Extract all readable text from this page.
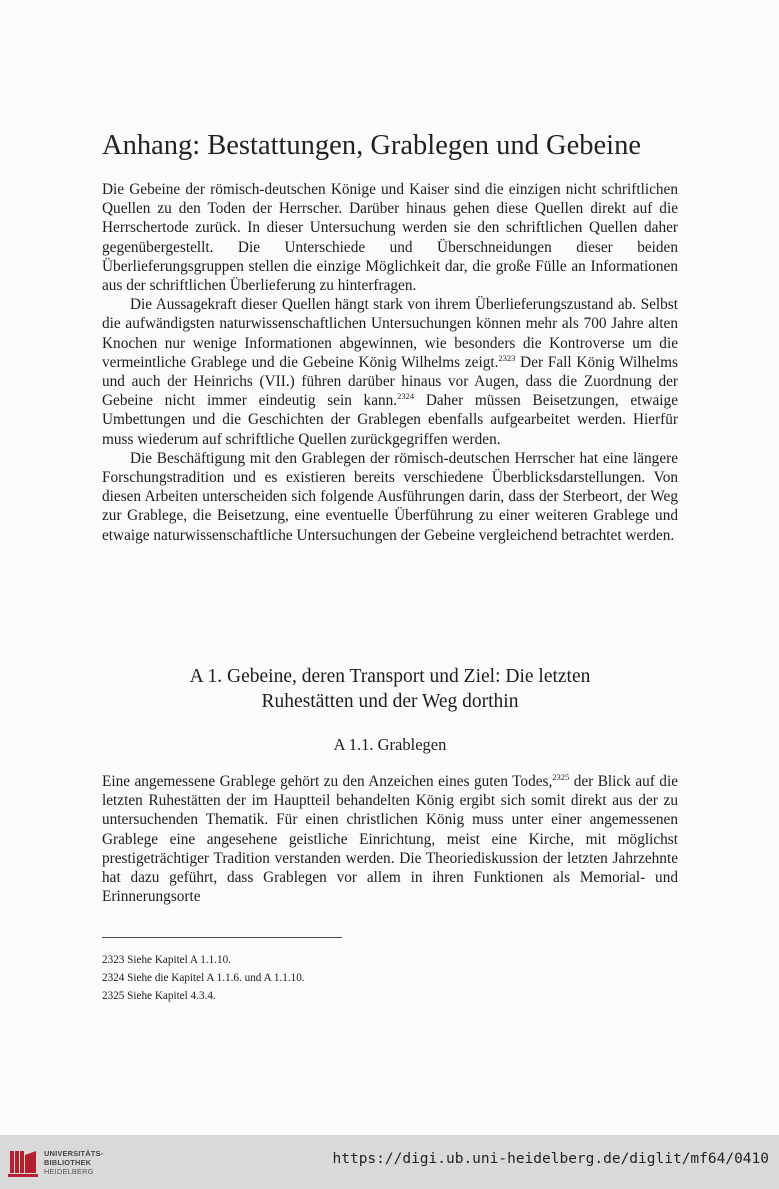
Anhang: Bestattungen, Grablegen und Gebeine

Die Gebeine der römisch-deutschen Könige und Kaiser sind die einzigen nicht schriftlichen Quellen zu den Toden der Herrscher. Darüber hinaus gehen diese Quellen direkt auf die Herrschertode zurück. In dieser Untersuchung werden sie den schriftlichen Quellen daher gegenübergestellt. Die Unterschiede und Überschneidungen dieser beiden Überlieferungsgruppen stellen die einzige Möglichkeit dar, die große Fülle an Informationen aus der schriftlichen Überlieferung zu hinterfragen.

Die Aussagekraft dieser Quellen hängt stark von ihrem Überlieferungszustand ab. Selbst die aufwändigsten naturwissenschaftlichen Untersuchungen können mehr als 700 Jahre alten Knochen nur wenige Informationen abgewinnen, wie besonders die Kontroverse um die vermeintliche Grablege und die Gebeine König Wilhelms zeigt.$^{2323}$ Der Fall König Wilhelms und auch der Heinrichs (VII.) führen darüber hinaus vor Augen, dass die Zuordnung der Gebeine nicht immer eindeutig sein kann.$^{2324}$ Daher müssen Beisetzungen, etwaige Umbettungen und die Geschichten der Grablegen ebenfalls aufgearbeitet werden. Hierfür muss wiederum auf schriftliche Quellen zurückgegriffen werden.

Die Beschäftigung mit den Grablegen der römisch-deutschen Herrscher hat eine längere Forschungstradition und es existieren bereits verschiedene Überblicksdarstellungen. Von diesen Arbeiten unterscheiden sich folgende Ausführungen darin, dass der Sterbeort, der Weg zur Grablege, die Beisetzung, eine eventuelle Überführung zu einer weiteren Grablege und etwaige naturwissenschaftliche Untersuchungen der Gebeine vergleichend betrachtet werden.

A 1. Gebeine, deren Transport und Ziel: Die letzten
Ruhestätten und der Weg dorthin
A 1.1. Grablegen

Eine angemessene Grablege gehört zu den Anzeichen eines guten Todes,$^{2325}$ der Blick auf die letzten Ruhestätten der im Hauptteil behandelten König ergibt sich somit direkt aus der zu untersuchenden Thematik. Für einen christlichen König muss unter einer angemessenen Grablege eine angesehene geistliche Einrichtung, meist eine Kirche, mit möglichst prestigeträchtiger Tradition verstanden werden. Die Theoriediskussion der letzten Jahrzehnte hat dazu geführt, dass Grablegen vor allem in ihren Funktionen als Memorial- und Erinnerungsorte

2323 Siehe Kapitel A 1.1.10.
2324 Siehe die Kapitel A 1.1.6. und A 1.1.10.
2325 Siehe Kapitel 4.3.4.
UNIVERSITÄTS-
BIBLIOTHEK
HEIDELBERG
https://digi.ub.uni-heidelberg.de/diglit/mf64/0410
